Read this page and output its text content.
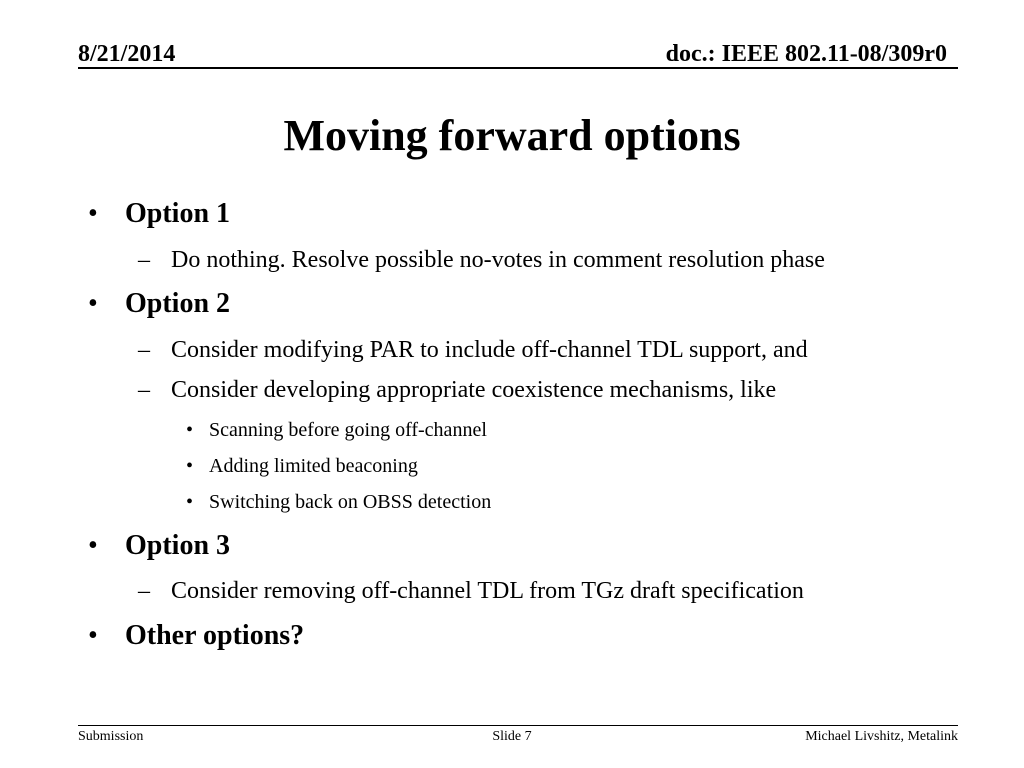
8/21/2014	doc.: IEEE 802.11-08/309r0
Moving forward options
• Option 1
– Do nothing. Resolve possible no-votes in comment resolution phase
• Option 2
– Consider modifying PAR to include off-channel TDL support, and
– Consider developing appropriate coexistence mechanisms, like
• Scanning before going off-channel
• Adding limited beaconing
• Switching back on OBSS detection
• Option 3
– Consider removing off-channel TDL from TGz draft specification
• Other options?
Submission	Slide 7	Michael Livshitz, Metalink
